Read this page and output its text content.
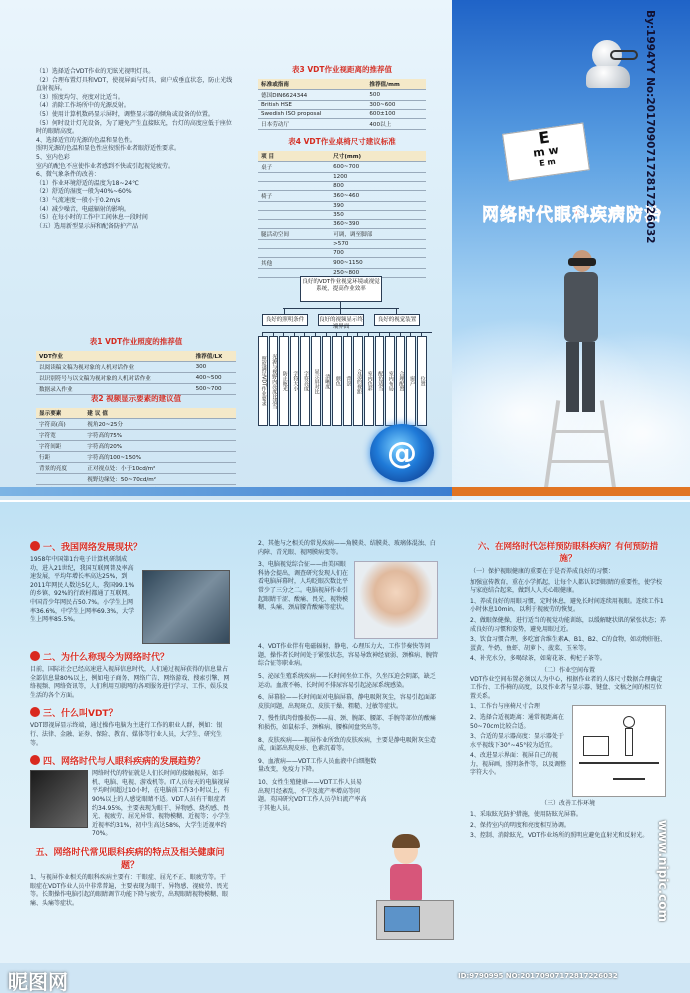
（1）选择适合VDT作业的无眩光视明灯具。
（2）合理布置灯具和VDT，使视屏面与灯具、窗户成垂直状态，防止光线直射视屏。
（3）照度均匀、亮度对比适当。
（4）消除工作场所中的光源反射。
（5）使用计算机数码显示屏时，调整显示器的倾角或设备的位置。
（5）何时设计灯光设备，为了避免产生直接眩光，台灯的高度应低于座位时的眼睛高度。
4、选择适宜的光源的色温和显色性。
照明光源的色温和显色性应按照作业者眼舒适性要求。
5、室内色彩
室内的配色不应使作业者感到不快或引起视觉疲劳。
6、微气象条件的改善：
（1）作业环境舒适的温度为18~24℃
（2）舒适的湿度一般为40%~60%
（3）气流速度一般小于0.2m/s
（4）减少噪音，电磁辐射的影响。
（5）在每小时的工作中工间休息一段时间
（五）选用新型显示屏和配备防护产品
表1 VDT作业照度的推荐值
VDT作业	推荐值/LX
以阅读稿文稿为视对象的人机对话作业	300
以识别符号与以文稿为视对象的人机对话作业	400~500
数据录入作业	500~700
表2 视频显示要素的建议值
显示要素	建 议 值
字符高(高)	视角20~25分
字符宽	字符高的75%
字符间距	字符高的20%
行距	字符高的100~150%
背景的亮度	正对视点处：小于10cd/m²
	视野边缘处：50~70cd/m²

表3 VDT作业视距离的推荐值
标准或指南	推荐值/mm
德国DIN6624344	500
British HSE	300~600
Swedish ISO proposal	600±100
日本劳动厅	400以上
表4 VDT作业桌椅尺寸建议标准
项 目	尺寸(mm)
桌子	600~700
	1200
	800
椅子	360~460
	390
	350
	360~390
腿活动空间	可调，调至脚部
	>570
	700
其他	900~1150
	250~800
良好的VDT作业视觉环境或视觉系统，提高作业效率
良好的照明条件	良好的视频显示终端界面
良好的视觉装置
照度满足VDT作业要求 光源与视野内亮度比适当 防止眩光 字符大小 字符亮度 显示屏对比 清晰度 颜色 背景 合适的视距 室内色彩 配色适当 室内布局 合理配置 窗户 位置
@
E
m w
E m
网络时代眼科疾病防治
一、我国网络发展现状？
1958年中国第1台电子计算机研制成功，进入21世纪，我国互联网普及率高速发展，平均年增长率高达25%，到2011年网民人数达5亿人，我国99.1%的乡镇、92%的行政村都通了互联网。中国青少年网民占50.7%。小学生上网率36.6%，中学生上网率69.3%，大学生上网率85.5%。
二、为什么称现今为网络时代？
目前，国际社会已经高速进入视屏信息时代，人们通过视屏获得的信息量占全部信息量80%以上，例如电子商务、网络广告、网络游戏、搜索引擎、网络视频、网络资讯等，人们利用互联网的各项服务进行学习、工作、娱乐及生活的各个方面。
三、什么叫VDT？
VDT即视屏显示终端，通过操作电脑为主进行工作的职业人群，例如：银行、法律、金融、证券、保险、教育、媒体等行业人员，大学生、研究生等。
四、网络时代与人眼科疾病的发展趋势？
网络时代的特征就是人们长时间的接触视屏，如手机、电脑、电视、游戏机等。IT人员每天的电脑视屏平均时间超过10小时，在电脑前工作3小时以上，有90%以上的人感觉眼睛不适。VDT人员有干眼症者约34.95%，主要表现为眼干、异物感、烧灼感、畏光、视疲劳、屈光异常、视物模糊、近视等；小学生近视率约31%，初中生高达58%，大学生近视率约70%。
五、网络时代常见眼科疾病的特点及相关健康问题？
1、与视屏作业相关的眼科疾病主要有：干眼症、屈光不正、眼疲劳等。干眼症在VDT作业人员中非常普遍，主要表现为眼干、异物感、视疲劳、畏光等。长期操作电脑引起的眼睛调节功能下降与疲劳，出现眼睛视物模糊、眼痛、头痛等症状。
2、其他与之相关的常见疾病——角膜炎、结膜炎、玻璃体混浊、白内障、青光眼、视网膜病变等。
3、电脑视觉综合征——由美国眼科协会提出，调查研究发现人们在看电脑屏幕时，人均眨眼次数比平常少了三分之二。电脑视屏作业引起眼睛干涩、酸痛、畏光、视物模糊、头痛、颈肩腰背酸痛等症状。
4、VDT作业伴有电磁辐射、静电、心理压力大、工作节奏快等问题，操作者长时间处于紧张状态，容易导致神经衰弱、颈椎病、腕管综合征等职业病。
5、泌尿生殖系统疾病——长时间坐位工作，久坐压迫会阴部，缺乏运动。血液不畅、长时间不排尿容易引起泌尿系统感染。
6、屏幕脸——长时间面对电脑屏幕，静电吸附灰尘，容易引起面部皮肤问题，出现斑点、皮肤干燥、粗糙、过敏等症状。
7、慢性肌肉骨骼损伤——肩、颈、腕部、腰部、手腕等部位的酸痛和损伤，如鼠标手、颈椎病、腰椎间盘突出等。
8、皮肤疾病——视屏作业所致的皮肤疾病，主要是静电吸附灰尘造成，面部出现皮疹、色素沉着等。
9、血液病——VDT工作人员血液中白细胞数量改变，免疫力下降。
10、女性生殖健康——VDT工作人员易出现月经紊乱、不孕及流产率增高等问题。英国研究VDT工作人员孕妇流产率高于其他人员。
六、在网络时代怎样预防眼科疾病？有何预防措施？
（一）保护视眼健康的重要在于是否养成良好的习惯：
加强宣传教育，重在小学抓起，让每个人都认识到眼睛的重要性，使学校与家庭结合起来，做到人人关心眼健康。
1、养成良好的用眼习惯，定时休息，避免长时间连续用视眼。连续工作1小时休息10min，以利于视疲劳的恢复。
2、做眼保健操，进行适当的视觉功能训练，以缓解睫状肌的紧张状态；养成良好的习惯和姿势，避免用眼过近。
3、饮食习惯合理，多吃富含维生素A、B1、B2、C的食物，如动物肝脏、蛋黄、牛奶、鱼虾、胡萝卜、菠菜、玉米等。
4、补充水分，多喝绿茶，如菊花茶、枸杞子茶等。
（二）作业空间布置
VDT作业空间布置必须以人为中心，根据作业者的人体尺寸数据合理确定工作台、工作椅的高度，以及作业者与显示器、键盘、文稿之间的相互位置关系。
1、工作台与座椅尺寸合理
2、选择合适视距离：通常视距离在50~70cm比较合适。
3、合适的显示器高度：显示器处于水平视线下30°~45°较为适宜。
4、改进显示界面：视屏自己的视力，视屏画，照明条件等，以及调整字符大小。
（三）改善工作环境
1、采取眩光防护措施，使用防眩光屏幕。
2、保持室内的明度和亮度相互协调。
3、控制、消除眩光，VDT作业场所的照明应避免直射光和反射光。
By:1994YY No:20170907172817226032
www.nipic.com
昵图网	ID:9790995 NO:20170907172817226032
